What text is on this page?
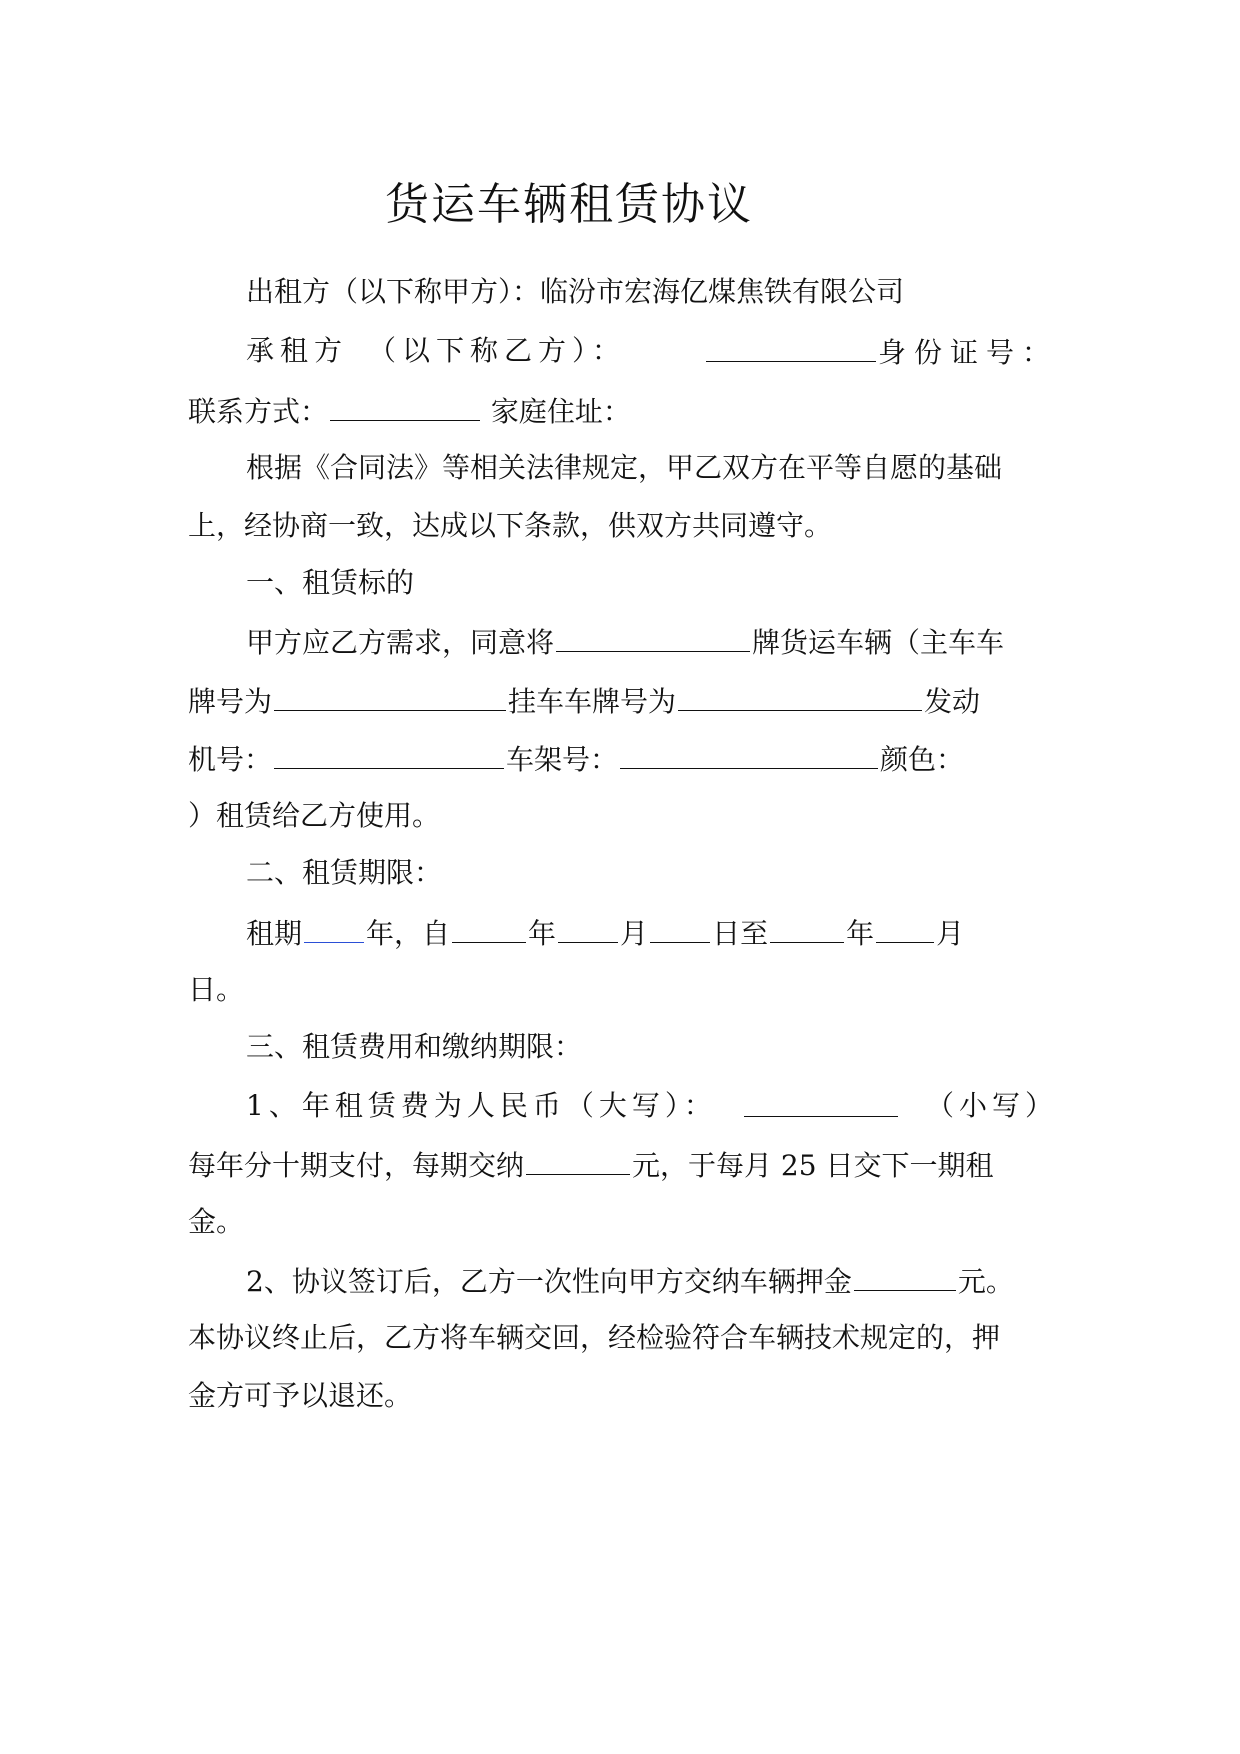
货运车辆租赁协议
出租方（以下称甲方）：临汾市宏海亿煤焦铁有限公司
承租方　（以下称乙方）：	身份证号：
联系方式：	家庭住址：
根据《合同法》等相关法律规定，甲乙双方在平等自愿的基础
上，经协商一致，达成以下条款，供双方共同遵守。
一、租赁标的
甲方应乙方需求，同意将	牌货运车辆（主车车
牌号为	挂车车牌号为	发动
机号：	车架号：	颜色：
）租赁给乙方使用。
二、租赁期限：
租期 年，自	年 月 日至	年 月
日。
三、租赁费用和缴纳期限：
1、年租赁费为人民币（大写）：	（小写）
每年分十期支付，每期交纳	元，于每月 25 日交下一期租
金。
2、协议签订后，乙方一次性向甲方交纳车辆押金	元。
本协议终止后，乙方将车辆交回，经检验符合车辆技术规定的，押
金方可予以退还。
